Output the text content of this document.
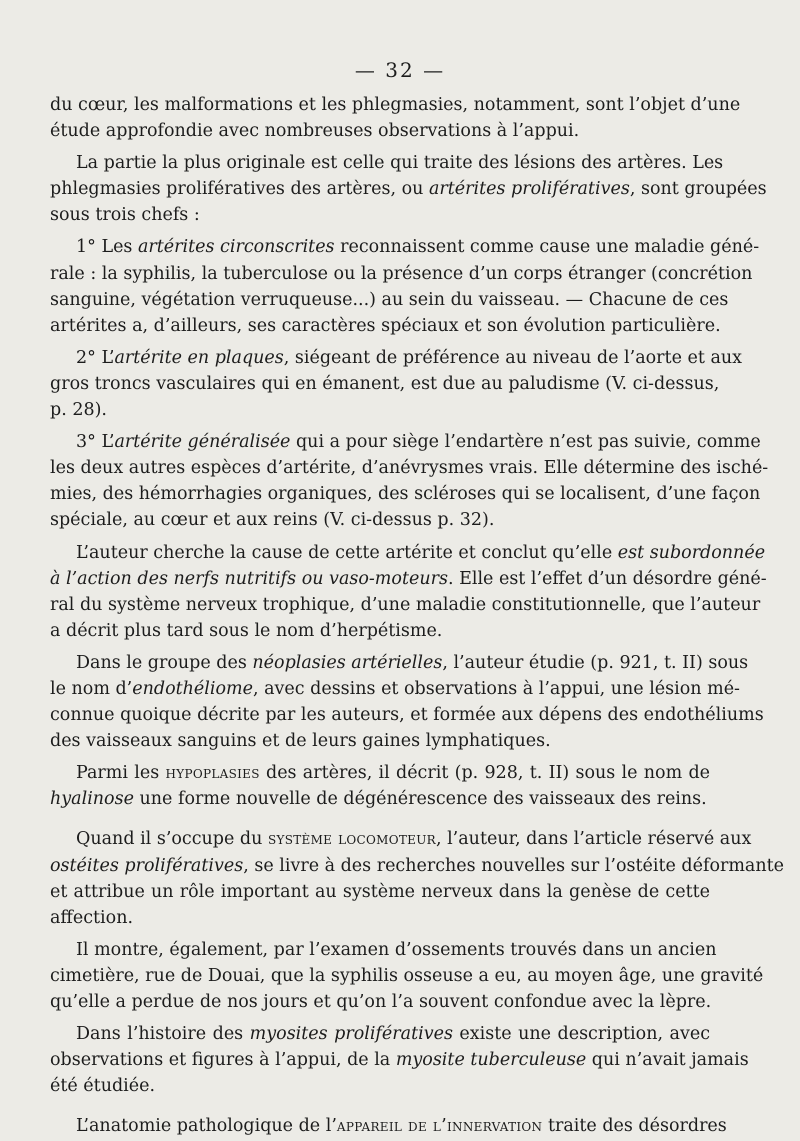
— 32 —
du cœur, les malformations et les phlegmasies, notamment, sont l’objet d’une
étude approfondie avec nombreuses observations à l’appui.
La partie la plus originale est celle qui traite des lésions des artères. Les
phlegmasies prolifératives des artères, ou artérites prolifératives, sont groupées
sous trois chefs :
1° Les artérites circonscrites reconnaissent comme cause une maladie géné-
rale : la syphilis, la tuberculose ou la présence d’un corps étranger (concrétion
sanguine, végétation verruqueuse...) au sein du vaisseau. — Chacune de ces
artérites a, d’ailleurs, ses caractères spéciaux et son évolution particulière.
2° L’artérite en plaques, siégeant de préférence au niveau de l’aorte et aux
gros troncs vasculaires qui en émanent, est due au paludisme (V. ci-dessus,
p. 28).
3° L’artérite généralisée qui a pour siège l’endartère n’est pas suivie, comme
les deux autres espèces d’artérite, d’anévrysmes vrais. Elle détermine des isché-
mies, des hémorrhagies organiques, des scléroses qui se localisent, d’une façon
spéciale, au cœur et aux reins (V. ci-dessus p. 32).
L’auteur cherche la cause de cette artérite et conclut qu’elle est subordonnée
à l’action des nerfs nutritifs ou vaso-moteurs. Elle est l’effet d’un désordre géné-
ral du système nerveux trophique, d’une maladie constitutionnelle, que l’auteur
a décrit plus tard sous le nom d’herpétisme.
Dans le groupe des néoplasies artérielles, l’auteur étudie (p. 921, t. II) sous
le nom d’endothéliome, avec dessins et observations à l’appui, une lésion mé-
connue quoique décrite par les auteurs, et formée aux dépens des endothéliums
des vaisseaux sanguins et de leurs gaines lymphatiques.
Parmi les hypoplasies des artères, il décrit (p. 928, t. II) sous le nom de
hyalinose une forme nouvelle de dégénérescence des vaisseaux des reins.
Quand il s’occupe du système locomoteur, l’auteur, dans l’article réservé aux
ostéites prolifératives, se livre à des recherches nouvelles sur l’ostéite déformante
et attribue un rôle important au système nerveux dans la genèse de cette
affection.
Il montre, également, par l’examen d’ossements trouvés dans un ancien
cimetière, rue de Douai, que la syphilis osseuse a eu, au moyen âge, une gravité
qu’elle a perdue de nos jours et qu’on l’a souvent confondue avec la lèpre.
Dans l’histoire des myosites prolifératives existe une description, avec
observations et figures à l’appui, de la myosite tuberculeuse qui n’avait jamais
été étudiée.
L’anatomie pathologique de l’appareil de l’innervation traite des désordres
